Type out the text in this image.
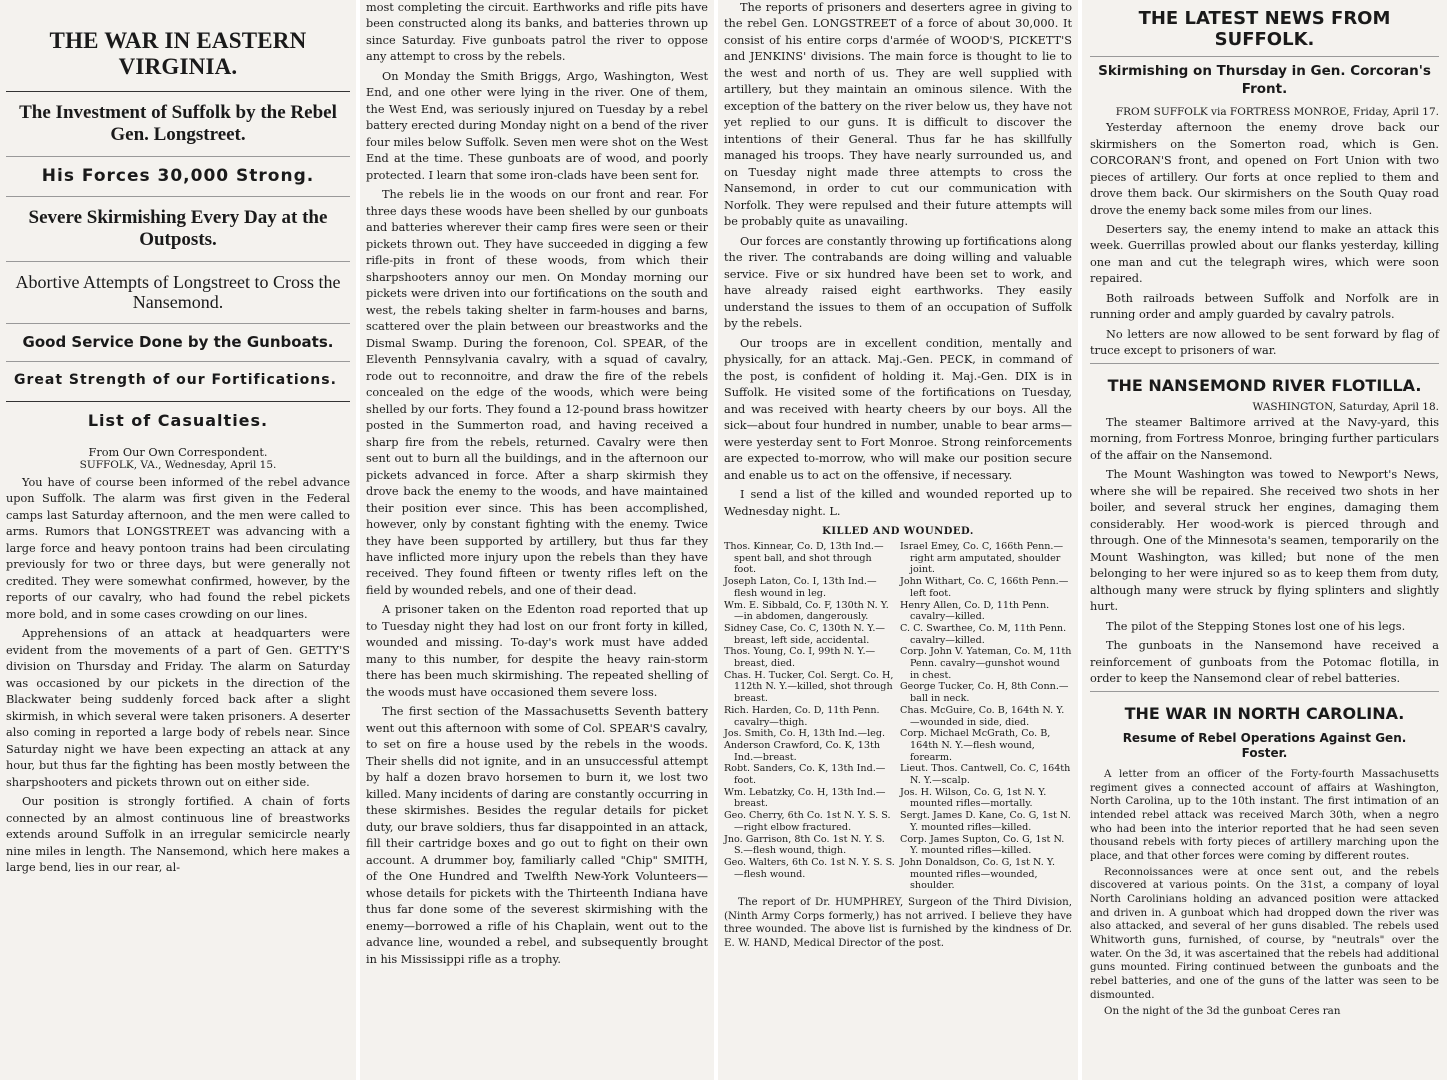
THE WAR IN EASTERN VIRGINIA.
The Investment of Suffolk by the Rebel Gen. Longstreet.
His Forces 30,000 Strong.
Severe Skirmishing Every Day at the Outposts.
Abortive Attempts of Longstreet to Cross the Nansemond.
Good Service Done by the Gunboats.
Great Strength of our Fortifications.
List of Casualties.
From Our Own Correspondent.
SUFFOLK, VA., Wednesday, April 15.

You have of course been informed of the rebel advance upon Suffolk. The alarm was first given in the Federal camps last Saturday afternoon, and the men were called to arms. Rumors that LONGSTREET was advancing with a large force and heavy pontoon trains had been circulating previously for two or three days, but were generally not credited. They were somewhat confirmed, however, by the reports of our cavalry, who had found the rebel pickets more bold, and in some cases crowding on our lines.

Apprehensions of an attack at headquarters were evident from the movements of a part of Gen. GETTY'S division on Thursday and Friday. The alarm on Saturday was occasioned by our pickets in the direction of the Blackwater being suddenly forced back after a slight skirmish, in which several were taken prisoners. A deserter also coming in reported a large body of rebels near. Since Saturday night we have been expecting an attack at any hour, but thus far the fighting has been mostly between the sharpshooters and pickets thrown out on either side.

Our position is strongly fortified. A chain of forts connected by an almost continuous line of breastworks extends around Suffolk in an irregular semicircle nearly nine miles in length. The Nansemond, which here makes a large bend, lies in our rear, al-

most completing the circuit. Earthworks and rifle pits have been constructed along its banks, and batteries thrown up since Saturday. Five gunboats patrol the river to oppose any attempt to cross by the rebels.

On Monday the Smith Briggs, Argo, Washington, West End, and one other were lying in the river. One of them, the West End, was seriously injured on Tuesday by a rebel battery erected during Monday night on a bend of the river four miles below Suffolk. Seven men were shot on the West End at the time. These gunboats are of wood, and poorly protected. I learn that some iron-clads have been sent for.

The rebels lie in the woods on our front and rear. For three days these woods have been shelled by our gunboats and batteries wherever their camp fires were seen or their pickets thrown out. They have succeeded in digging a few rifle-pits in front of these woods, from which their sharpshooters annoy our men. On Monday morning our pickets were driven into our fortifications on the south and west, the rebels taking shelter in farm-houses and barns, scattered over the plain between our breastworks and the Dismal Swamp. During the forenoon, Col. SPEAR, of the Eleventh Pennsylvania cavalry, with a squad of cavalry, rode out to reconnoitre, and draw the fire of the rebels concealed on the edge of the woods, which were being shelled by our forts. They found a 12-pound brass howitzer posted in the Summerton road, and having received a sharp fire from the rebels, returned. Cavalry were then sent out to burn all the buildings, and in the afternoon our pickets advanced in force. After a sharp skirmish they drove back the enemy to the woods, and have maintained their position ever since. This has been accomplished, however, only by constant fighting with the enemy. Twice they have been supported by artillery, but thus far they have inflicted more injury upon the rebels than they have received. They found fifteen or twenty rifles left on the field by wounded rebels, and one of their dead.

A prisoner taken on the Edenton road reported that up to Tuesday night they had lost on our front forty in killed, wounded and missing. To-day's work must have added many to this number, for despite the heavy rain-storm there has been much skirmishing. The repeated shelling of the woods must have occasioned them severe loss.

The first section of the Massachusetts Seventh battery went out this afternoon with some of Col. SPEAR'S cavalry, to set on fire a house used by the rebels in the woods. Their shells did not ignite, and in an unsuccessful attempt by half a dozen bravo horsemen to burn it, we lost two killed. Many incidents of daring are constantly occurring in these skirmishes. Besides the regular details for picket duty, our brave soldiers, thus far disappointed in an attack, fill their cartridge boxes and go out to fight on their own account. A drummer boy, familiarly called "Chip" SMITH, of the One Hundred and Twelfth New-York Volunteers—whose details for pickets with the Thirteenth Indiana have thus far done some of the severest skirmishing with the enemy—borrowed a rifle of his Chaplain, went out to the advance line, wounded a rebel, and subsequently brought in his Mississippi rifle as a trophy.

The reports of prisoners and deserters agree in giving to the rebel Gen. LONGSTREET of a force of about 30,000. It consist of his entire corps d'armée of WOOD'S, PICKETT'S and JENKINS' divisions. The main force is thought to lie to the west and north of us. They are well supplied with artillery, but they maintain an ominous silence. With the exception of the battery on the river below us, they have not yet replied to our guns. It is difficult to discover the intentions of their General. Thus far he has skillfully managed his troops. They have nearly surrounded us, and on Tuesday night made three attempts to cross the Nansemond, in order to cut our communication with Norfolk. They were repulsed and their future attempts will be probably quite as unavailing.

Our forces are constantly throwing up fortifications along the river. The contrabands are doing willing and valuable service. Five or six hundred have been set to work, and have already raised eight earthworks. They easily understand the issues to them of an occupation of Suffolk by the rebels.

Our troops are in excellent condition, mentally and physically, for an attack. Maj.-Gen. PECK, in command of the post, is confident of holding it. Maj.-Gen. DIX is in Suffolk. He visited some of the fortifications on Tuesday, and was received with hearty cheers by our boys. All the sick—about four hundred in number, unable to bear arms—were yesterday sent to Fort Monroe. Strong reinforcements are expected to-morrow, who will make our position secure and enable us to act on the offensive, if necessary.

I send a list of the killed and wounded reported up to Wednesday night. L.

KILLED AND WOUNDED.
Thos. Kinnear, Co. D, 13th Ind.—spent ball, and shot through foot.
Joseph Laton, Co. I, 13th Ind.—flesh wound in leg.
Wm. E. Sibbald, Co. F, 130th N. Y.—in abdomen, dangerously.
Sidney Case, Co. C, 130th N. Y.—breast, left side, accidental.
Thos. Young, Co. I, 99th N. Y.—breast, died.
Chas. H. Tucker, Col. Sergt. Co. H, 112th N. Y.—killed, shot through breast.
Rich. Harden, Co. D, 11th Penn. cavalry—thigh.
Jos. Smith, Co. H, 13th Ind.—leg.
Anderson Crawford, Co. K, 13th Ind.—breast.
Robt. Sanders, Co. K, 13th Ind.—foot.
Wm. Lebatzky, Co. H, 13th Ind.—breast.
Geo. Cherry, 6th Co. 1st N. Y. S. S.—right elbow fractured.
Jno. Garrison, 8th Co. 1st N. Y. S. S.—flesh wound, thigh.
Geo. Walters, 6th Co. 1st N. Y. S. S.—flesh wound.
Israel Emey, Co. C, 166th Penn.—right arm amputated, shoulder joint.
John Withart, Co. C, 166th Penn.—left foot.
Henry Allen, Co. D, 11th Penn. cavalry—killed.
C. C. Swarthee, Co. M, 11th Penn. cavalry—killed.
Corp. John V. Yateman, Co. M, 11th Penn. cavalry—gunshot wound in chest.
George Tucker, Co. H, 8th Conn.—ball in neck.
Chas. McGuire, Co. B, 164th N. Y.—wounded in side, died.
Corp. Michael McGrath, Co. B, 164th N. Y.—flesh wound, forearm.
Lieut. Thos. Cantwell, Co. C, 164th N. Y.—scalp.
Jos. H. Wilson, Co. G, 1st N. Y. mounted rifles—mortally.
Sergt. James D. Kane, Co. G, 1st N. Y. mounted rifles—killed.
Corp. James Supton, Co. G, 1st N. Y. mounted rifles—killed.
John Donaldson, Co. G, 1st N. Y. mounted rifles—wounded, shoulder.

The report of Dr. HUMPHREY, Surgeon of the Third Division, (Ninth Army Corps formerly,) has not arrived. I believe they have three wounded. The above list is furnished by the kindness of Dr. E. W. HAND, Medical Director of the post.

THE LATEST NEWS FROM SUFFOLK.
Skirmishing on Thursday in Gen. Corcoran's Front.
FROM SUFFOLK via FORTRESS MONROE, Friday, April 17.

Yesterday afternoon the enemy drove back our skirmishers on the Somerton road, which is Gen. CORCORAN'S front, and opened on Fort Union with two pieces of artillery. Our forts at once replied to them and drove them back. Our skirmishers on the South Quay road drove the enemy back some miles from our lines.

Deserters say, the enemy intend to make an attack this week. Guerrillas prowled about our flanks yesterday, killing one man and cut the telegraph wires, which were soon repaired.

Both railroads between Suffolk and Norfolk are in running order and amply guarded by cavalry patrols.

No letters are now allowed to be sent forward by flag of truce except to prisoners of war.

THE NANSEMOND RIVER FLOTILLA.
WASHINGTON, Saturday, April 18.

The steamer Baltimore arrived at the Navy-yard, this morning, from Fortress Monroe, bringing further particulars of the affair on the Nansemond.

The Mount Washington was towed to Newport's News, where she will be repaired. She received two shots in her boiler, and several struck her engines, damaging them considerably. Her wood-work is pierced through and through. One of the Minnesota's seamen, temporarily on the Mount Washington, was killed; but none of the men belonging to her were injured so as to keep them from duty, although many were struck by flying splinters and slightly hurt.

The pilot of the Stepping Stones lost one of his legs.

The gunboats in the Nansemond have received a reinforcement of gunboats from the Potomac flotilla, in order to keep the Nansemond clear of rebel batteries.

THE WAR IN NORTH CAROLINA.
Resume of Rebel Operations Against Gen. Foster.

A letter from an officer of the Forty-fourth Massachusetts regiment gives a connected account of affairs at Washington, North Carolina, up to the 10th instant. The first intimation of an intended rebel attack was received March 30th, when a negro who had been into the interior reported that he had seen seven thousand rebels with forty pieces of artillery marching upon the place, and that other forces were coming by different routes.

Reconnoissances were at once sent out, and the rebels discovered at various points. On the 31st, a company of loyal North Carolinians holding an advanced position were attacked and driven in. A gunboat which had dropped down the river was also attacked, and several of her guns disabled. The rebels used Whitworth guns, furnished, of course, by "neutrals" over the water. On the 3d, it was ascertained that the rebels had additional guns mounted. Firing continued between the gunboats and the rebel batteries, and one of the guns of the latter was seen to be dismounted.

On the night of the 3d the gunboat Ceres ran
